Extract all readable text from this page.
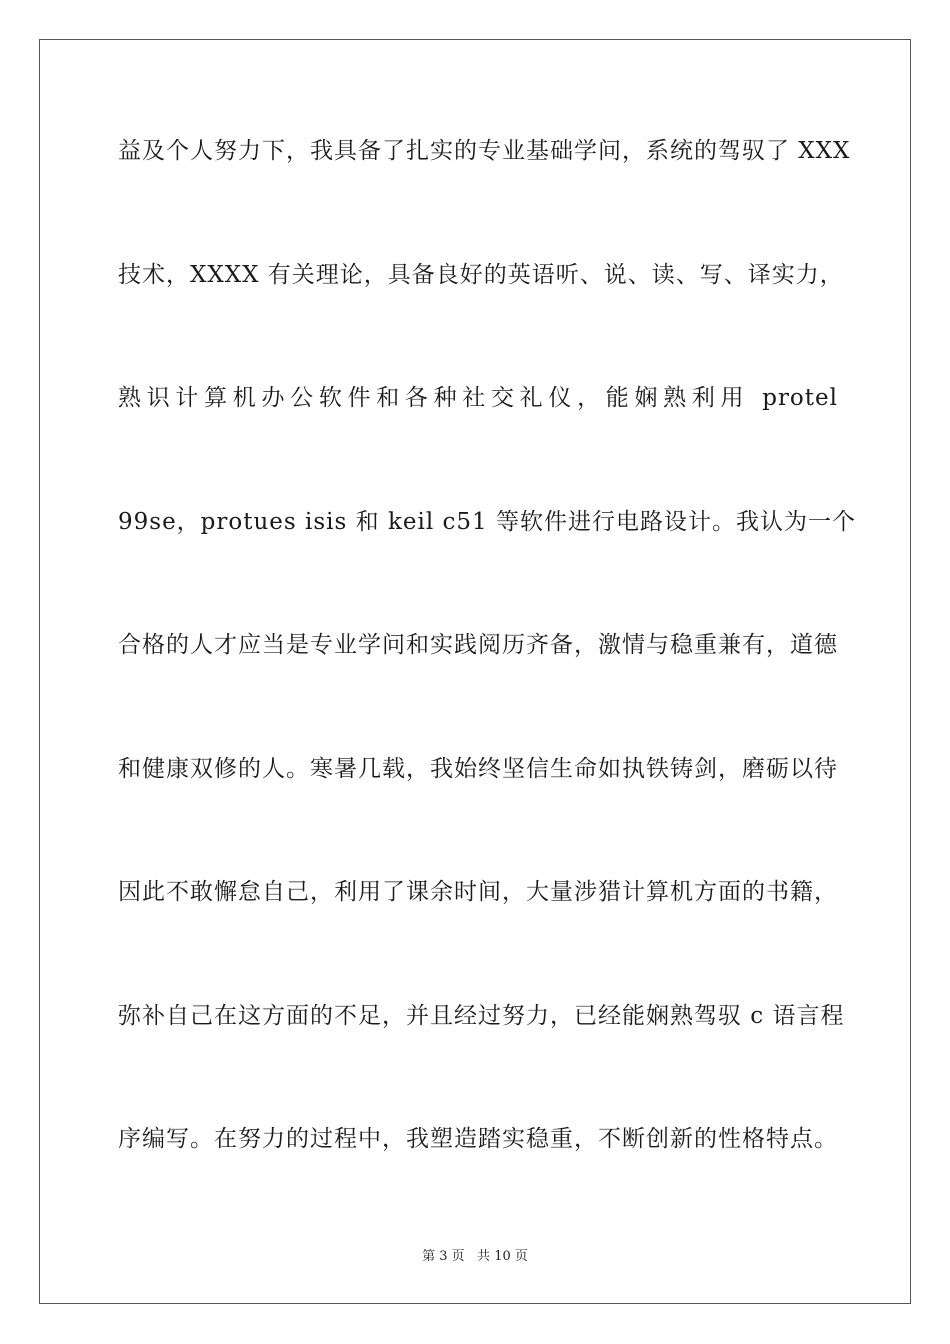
益及个人努力下，我具备了扎实的专业基础学问，系统的驾驭了 XXX
技术，XXXX 有关理论，具备良好的英语听、说、读、写、译实力，
熟识计算机办公软件和各种社交礼仪，能娴熟利用 protel
99se，protues isis 和 keil c51 等软件进行电路设计。我认为一个
合格的人才应当是专业学问和实践阅历齐备，激情与稳重兼有，道德
和健康双修的人。寒暑几载，我始终坚信生命如执铁铸剑，磨砺以待
因此不敢懈怠自己，利用了课余时间，大量涉猎计算机方面的书籍，
弥补自己在这方面的不足，并且经过努力，已经能娴熟驾驭 c 语言程
序编写。在努力的过程中，我塑造踏实稳重，不断创新的性格特点。
第 3 页   共 10 页
